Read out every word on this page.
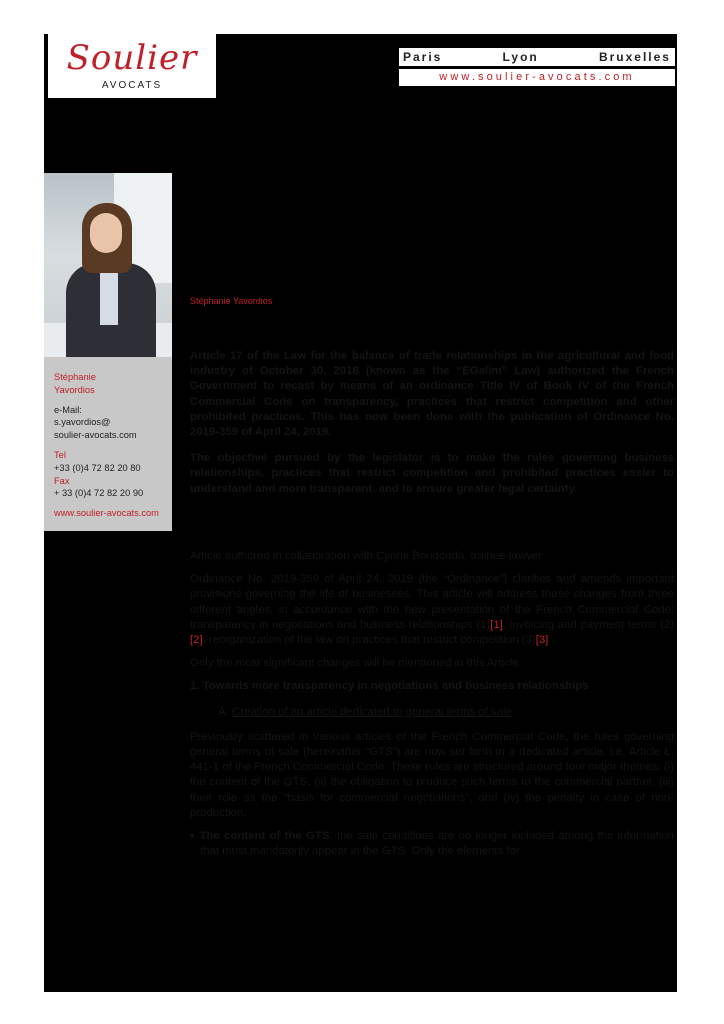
Soulier
AVOCATS
Paris	Lyon	Bruxelles
www.soulier-avocats.com
Stéphanie
Yavordios
e-Mail:
s.yavordios@
soulier-avocats.com
Tel
+33 (0)4 72 82 20 80
Fax
+ 33 (0)4 72 82 20 90
www.soulier-avocats.com
Stéphanie Yavordios

Article 17 of the Law for the balance of trade relationships in the agricultural and food industry of October 30, 2018 (known as the “EGalim” Law) authorized the French Government to recast by means of an ordinance Title IV of Book IV of the French Commercial Code on transparency, practices that restrict competition and other prohibited practices. This has now been done with the publication of Ordinance No. 2019-359 of April 24, 2019.

The objective pursued by the legislator is to make the rules governing business relationships, practices that restrict competition and prohibited practices easier to understand and more transparent, and to ensure greater legal certainty.

Article authored in collaboration with Cyrine Boudouda, trainee-lawyer

Ordinance No. 2019-359 of April 24, 2019 (the “Ordinance”) clarifies and amends important provisions governing the life of businesses. This article will address these changes from three different angles, in accordance with the new presentation of the French Commercial Code: transparency in negotiations and business relationships (1)[1], invoicing and payment terms (2)[2], reorganization of the law on practices that restrict competition (3)[3].

Only the most significant changes will be mentioned in this Article.

1. Towards more transparency in negotiations and business relationships

A. Creation of an article dedicated to general terms of sale

Previously scattered in various articles of the French Commercial Code, the rules governing general terms of sale (hereinafter “GTS”) are now set forth in a dedicated article, i.e. Article L. 441-1 of the French Commercial Code. These rules are structured around four major themes: (i) the content of the GTS, (ii) the obligation to produce such terms to the commercial partner, (iii) their role as the “basis for commercial negotiations”, and (iv) the penalty in case of non-production.

▪ The content of the GTS: the sale conditions are no longer included among the information that must mandatorily appear in the GTS. Only the elements for
